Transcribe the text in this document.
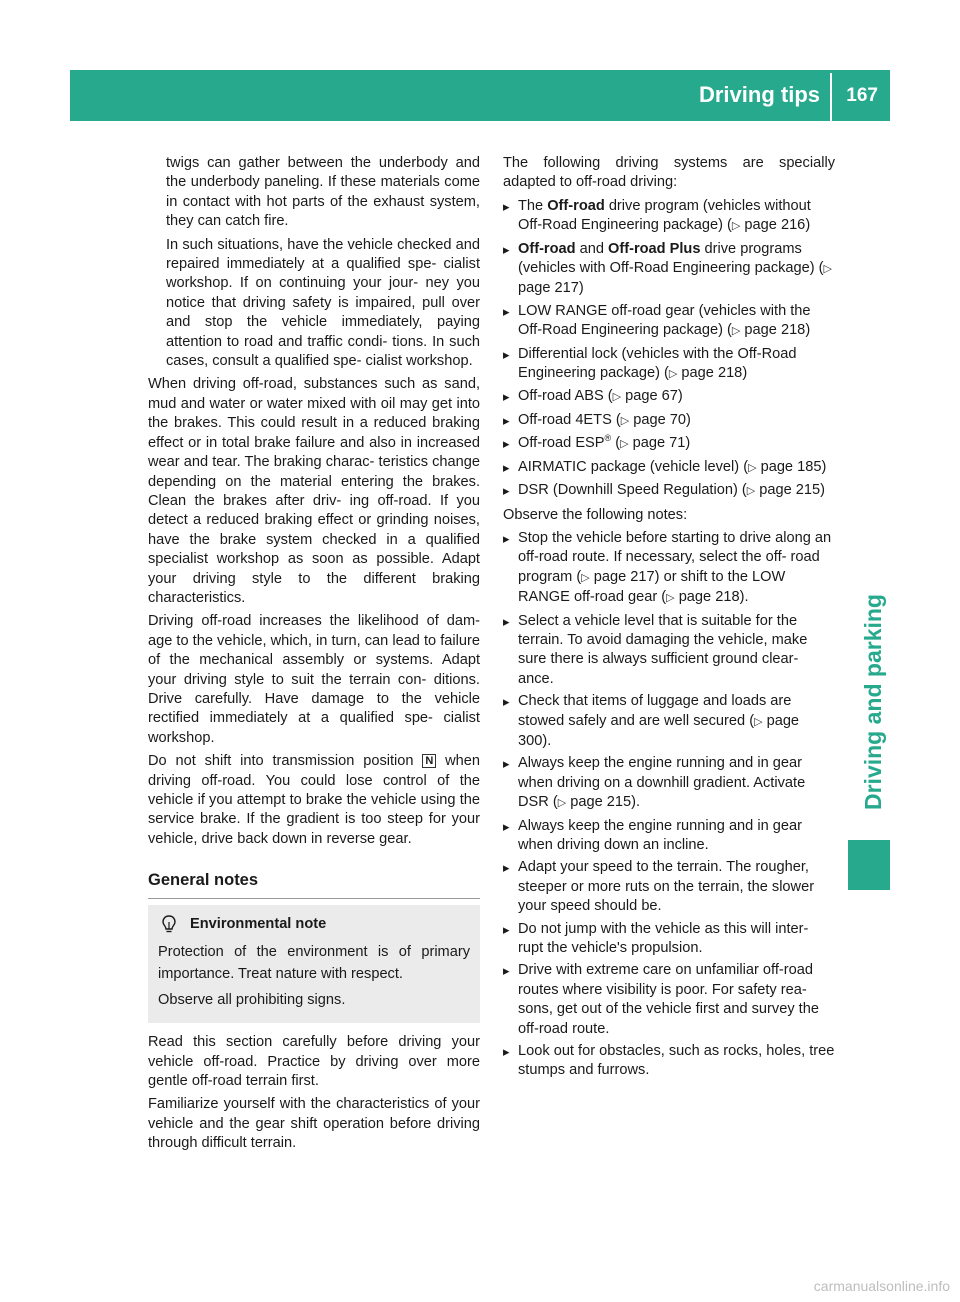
Driving tips 167
Driving and parking

twigs can gather between the underbody and the underbody paneling. If these materials come in contact with hot parts of the exhaust system, they can catch fire.

In such situations, have the vehicle checked and repaired immediately at a qualified spe- cialist workshop. If on continuing your jour- ney you notice that driving safety is impaired, pull over and stop the vehicle immediately, paying attention to road and traffic condi- tions. In such cases, consult a qualified spe- cialist workshop.

When driving off-road, substances such as sand, mud and water or water mixed with oil may get into the brakes. This could result in a reduced braking effect or in total brake failure and also in increased wear and tear. The braking charac- teristics change depending on the material entering the brakes. Clean the brakes after driv- ing off-road. If you detect a reduced braking effect or grinding noises, have the brake system checked in a qualified specialist workshop as soon as possible. Adapt your driving style to the different braking characteristics.

Driving off-road increases the likelihood of dam- age to the vehicle, which, in turn, can lead to failure of the mechanical assembly or systems. Adapt your driving style to suit the terrain con- ditions. Drive carefully. Have damage to the vehicle rectified immediately at a qualified spe- cialist workshop.

Do not shift into transmission position N when driving off-road. You could lose control of the vehicle if you attempt to brake the vehicle using the service brake. If the gradient is too steep for your vehicle, drive back down in reverse gear.

General notes
Environmental note

Protection of the environment is of primary importance. Treat nature with respect.

Observe all prohibiting signs.

Read this section carefully before driving your vehicle off-road. Practice by driving over more gentle off-road terrain first.

Familiarize yourself with the characteristics of your vehicle and the gear shift operation before driving through difficult terrain.

The following driving systems are specially adapted to off-road driving:

▸ The Off-road drive program (vehicles without Off-Road Engineering package) (▷ page 216)
▸ Off-road and Off-road Plus drive programs (vehicles with Off-Road Engineering package) (▷ page 217)
▸ LOW RANGE off-road gear (vehicles with the Off-Road Engineering package) (▷ page 218)
▸ Differential lock (vehicles with the Off-Road Engineering package) (▷ page 218)
▸ Off-road ABS (▷ page 67)
▸ Off-road 4ETS (▷ page 70)
▸ Off-road ESP® (▷ page 71)
▸ AIRMATIC package (vehicle level) (▷ page 185)
▸ DSR (Downhill Speed Regulation) (▷ page 215)

Observe the following notes:

▸ Stop the vehicle before starting to drive along an off-road route. If necessary, select the off- road program (▷ page 217) or shift to the LOW RANGE off-road gear (▷ page 218).
▸ Select a vehicle level that is suitable for the terrain. To avoid damaging the vehicle, make sure there is always sufficient ground clear- ance.
▸ Check that items of luggage and loads are stowed safely and are well secured (▷ page 300).
▸ Always keep the engine running and in gear when driving on a downhill gradient. Activate DSR (▷ page 215).
▸ Always keep the engine running and in gear when driving down an incline.
▸ Adapt your speed to the terrain. The rougher, steeper or more ruts on the terrain, the slower your speed should be.
▸ Do not jump with the vehicle as this will inter- rupt the vehicle's propulsion.
▸ Drive with extreme care on unfamiliar off-road routes where visibility is poor. For safety rea- sons, get out of the vehicle first and survey the off-road route.
▸ Look out for obstacles, such as rocks, holes, tree stumps and furrows.
carmanualsonline.info
